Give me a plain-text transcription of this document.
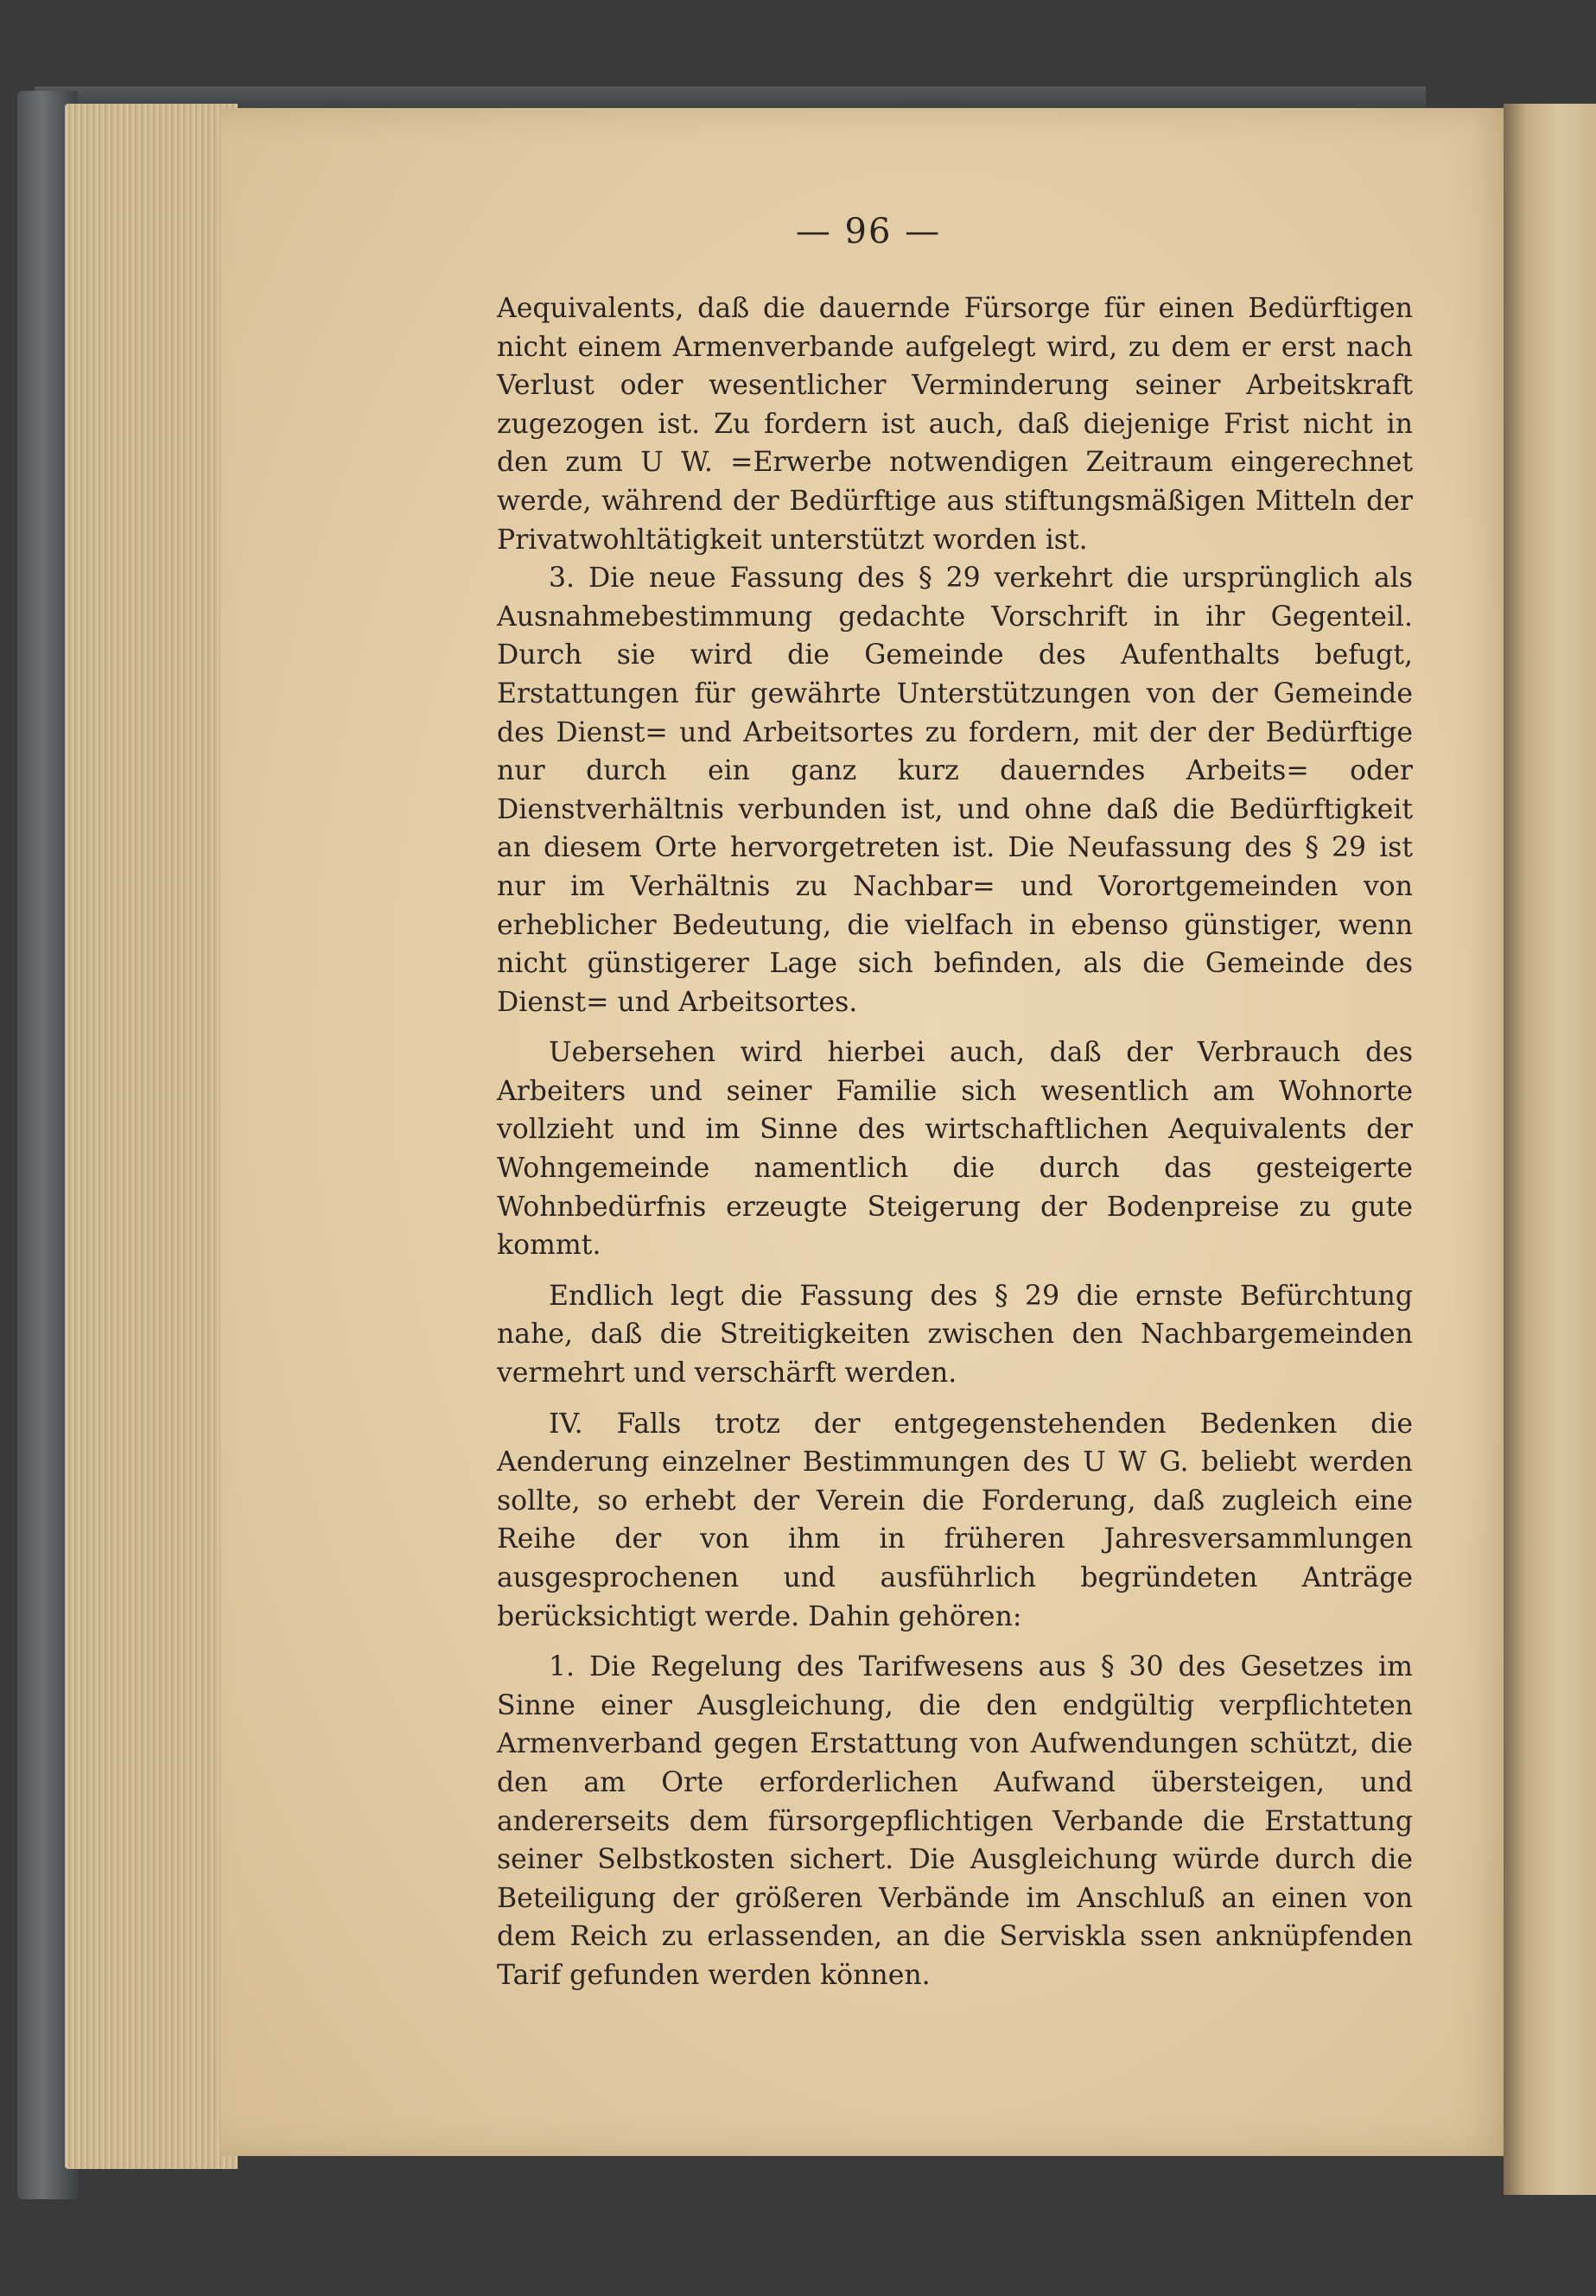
— 96 —

Aequivalents, daß die dauernde Fürsorge für einen Bedürftigen nicht einem Armenverbande aufgelegt wird, zu dem er erst nach Verlust oder wesentlicher Verminderung seiner Arbeitskraft zugezogen ist. Zu fordern ist auch, daß diejenige Frist nicht in den zum U W. =Erwerbe notwendigen Zeitraum eingerechnet werde, während der Bedürftige aus stiftungsmäßigen Mitteln der Privatwohltätigkeit unterstützt worden ist.

3. Die neue Fassung des § 29 verkehrt die ursprünglich als Ausnahmebestimmung gedachte Vorschrift in ihr Gegenteil. Durch sie wird die Gemeinde des Aufenthalts befugt, Erstattungen für gewährte Unterstützungen von der Gemeinde des Dienst= und Arbeitsortes zu fordern, mit der der Bedürftige nur durch ein ganz kurz dauerndes Arbeits= oder Dienstverhältnis verbunden ist, und ohne daß die Bedürftigkeit an diesem Orte hervorgetreten ist. Die Neufassung des § 29 ist nur im Verhältnis zu Nachbar= und Vorortgemeinden von erheblicher Bedeutung, die vielfach in ebenso günstiger, wenn nicht günstigerer Lage sich befinden, als die Gemeinde des Dienst= und Arbeitsortes.

Uebersehen wird hierbei auch, daß der Verbrauch des Arbeiters und seiner Familie sich wesentlich am Wohnorte vollzieht und im Sinne des wirtschaftlichen Aequivalents der Wohngemeinde namentlich die durch das gesteigerte Wohnbedürfnis erzeugte Steigerung der Bodenpreise zu gute kommt.

Endlich legt die Fassung des § 29 die ernste Befürchtung nahe, daß die Streitigkeiten zwischen den Nachbargemeinden vermehrt und verschärft werden.

IV. Falls trotz der entgegenstehenden Bedenken die Aenderung einzelner Bestimmungen des U W G. beliebt werden sollte, so erhebt der Verein die Forderung, daß zugleich eine Reihe der von ihm in früheren Jahresversammlungen ausgesprochenen und ausführlich begründeten Anträge berücksichtigt werde. Dahin gehören:

1. Die Regelung des Tarifwesens aus § 30 des Gesetzes im Sinne einer Ausgleichung, die den endgültig verpflichteten Armenverband gegen Erstattung von Aufwendungen schützt, die den am Orte erforderlichen Aufwand übersteigen, und andererseits dem fürsorgepflichtigen Verbande die Erstattung seiner Selbstkosten sichert. Die Ausgleichung würde durch die Beteiligung der größeren Verbände im Anschluß an einen von dem Reich zu erlassenden, an die Serviskla ssen anknüpfenden Tarif gefunden werden können.
